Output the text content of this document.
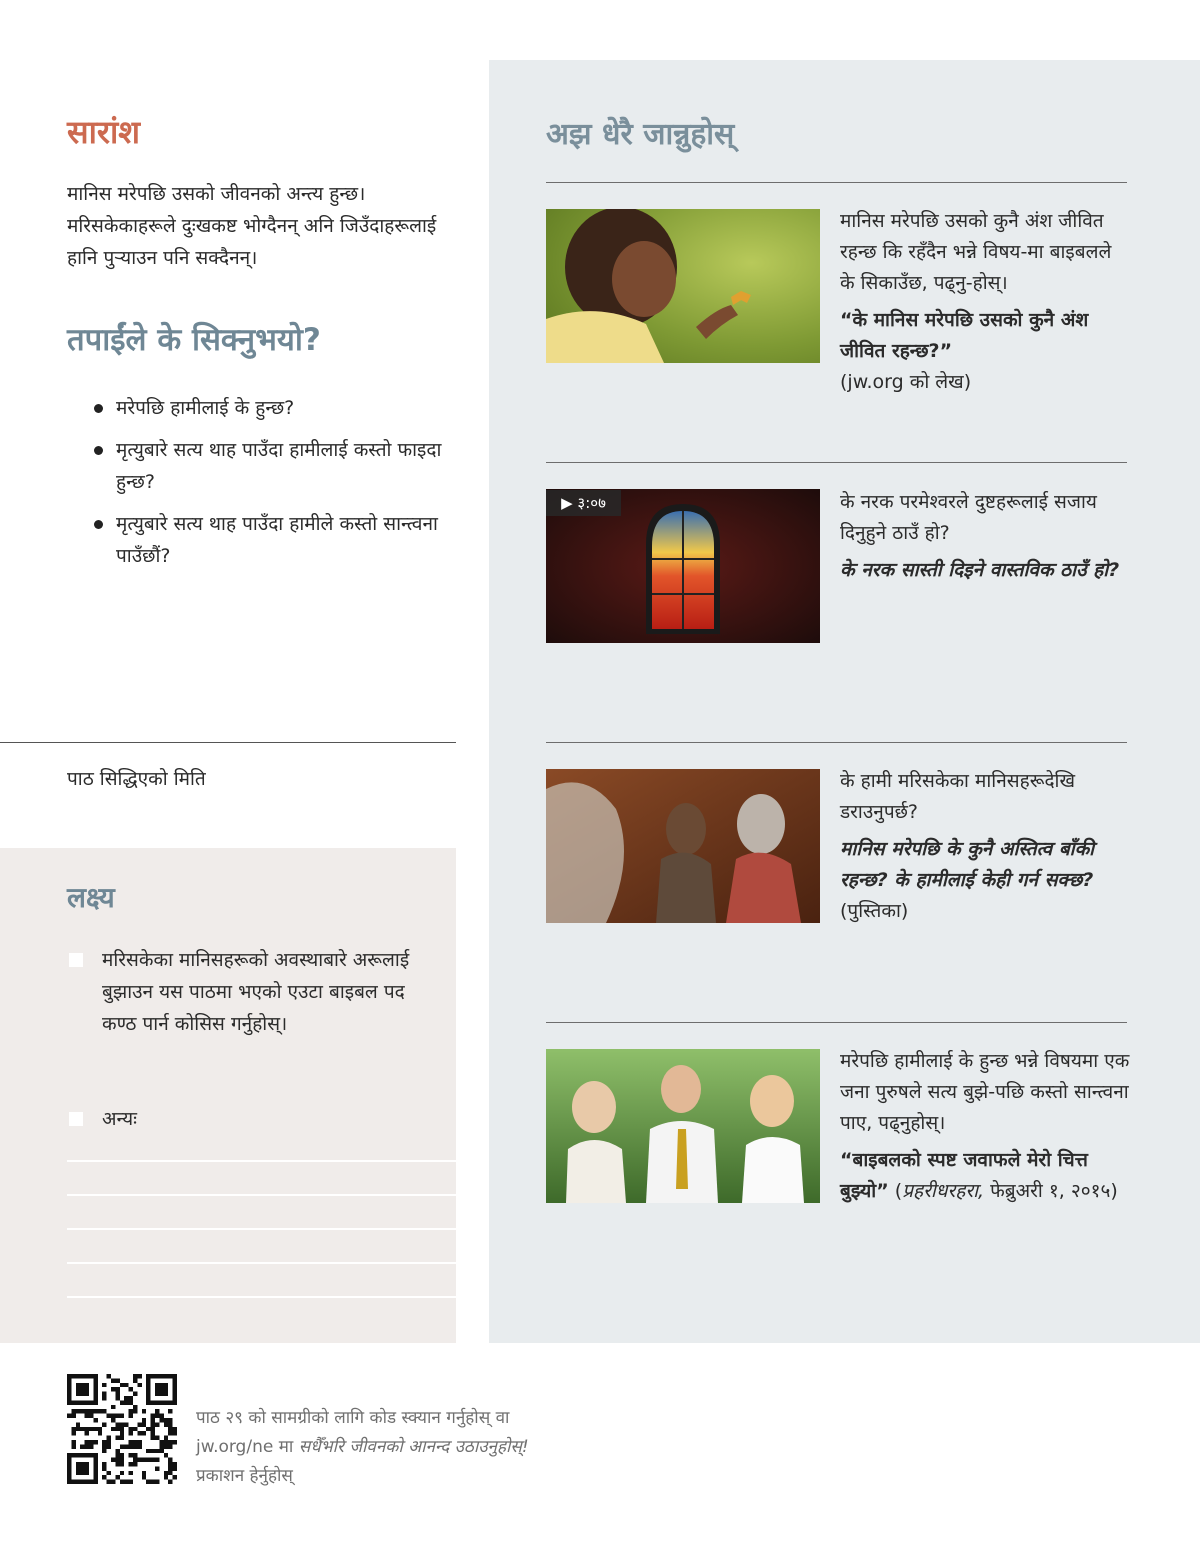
सारांश
मानिस मरेपछि उसको जीवनको अन्त्य हुन्छ। मरिसकेकाहरूले दुःखकष्ट भोग्दैनन् अनि जिउँदाहरूलाई हानि पुऱ्याउन पनि सक्दैनन्।
तपाईंले के सिक्नुभयो?
मरेपछि हामीलाई के हुन्छ?
मृत्युबारे सत्य थाह पाउँदा हामीलाई कस्तो फाइदा हुन्छ?
मृत्युबारे सत्य थाह पाउँदा हामीले कस्तो सान्त्वना पाउँछौं?
पाठ सिद्धिएको मिति
लक्ष्य
मरिसकेका मानिसहरूको अवस्थाबारे अरूलाई बुझाउन यस पाठमा भएको एउटा बाइबल पद कण्ठ पार्न कोसिस गर्नुहोस्।
अन्यः
अझ धेरै जान्नुहोस्

मानिस मरेपछि उसको कुनै अंश जीवित रहन्छ कि रहँदैन भन्ने विषय-मा बाइबलले के सिकाउँछ, पढ्नु-होस्।

“के मानिस मरेपछि उसको कुनै अंश जीवित रहन्छ?”

(jw.org को लेख)

▶ ३:०७	के नरक परमेश्‍वरले दुष्टहरूलाई सजाय दिनुहुने ठाउँ हो?

के नरक सास्ती दिइने वास्तविक ठाउँ हो?

के हामी मरिसकेका मानिसहरूदेखि डराउनुपर्छ?

मानिस मरेपछि के कुनै अस्तित्व बाँकी रहन्छ? के हामीलाई केही गर्न सक्छ? (पुस्तिका)

मरेपछि हामीलाई के हुन्छ भन्ने विषयमा एक जना पुरुषले सत्य बुझे-पछि कस्तो सान्त्वना पाए, पढ्नुहोस्।

“बाइबलको स्पष्ट जवाफले मेरो चित्त बुझ्यो” (प्रहरीधरहरा, फेब्रुअरी १, २०१५)

पाठ २९ को सामग्रीको लागि कोड स्क्यान गर्नुहोस् वा
jw.org/ne मा सधैँभरि जीवनको आनन्द उठाउनुहोस्!
प्रकाशन हेर्नुहोस्
